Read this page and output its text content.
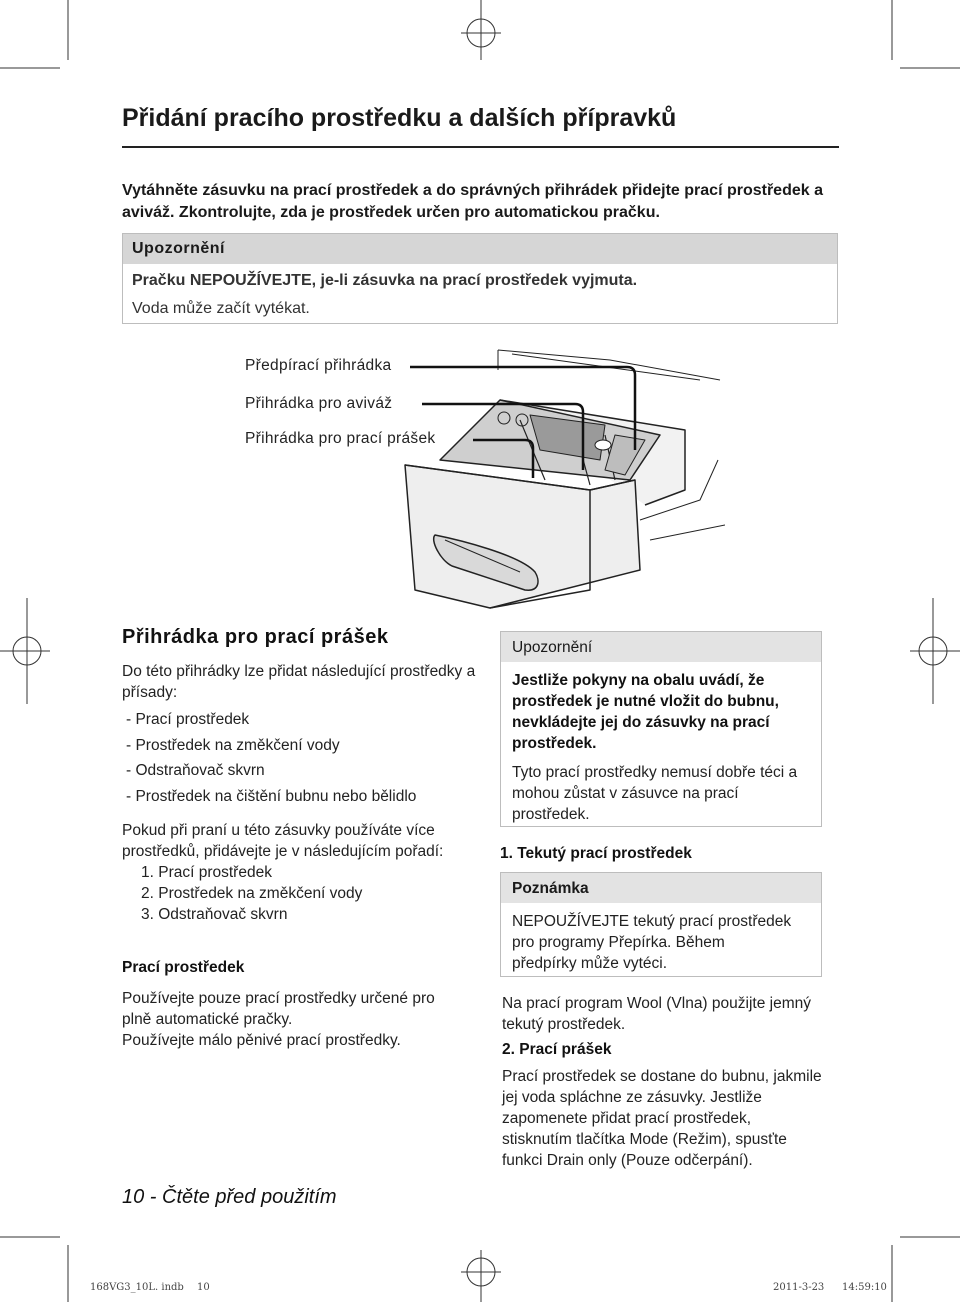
Přidání pracího prostředku a dalších přípravků
Vytáhněte zásuvku na prací prostředek a do správných přihrádek přidejte prací prostředek a aviváž. Zkontrolujte, zda je prostředek určen pro automatickou pračku.
Upozornění
Pračku NEPOUŽÍVEJTE, je-li zásuvka na prací prostředek vyjmuta.
Voda může začít vytékat.
Předpírací přihrádka
Přihrádka pro aviváž
Přihrádka pro prací prášek
Přihrádka pro prací prášek
Do této přihrádky lze přidat následující prostředky a přísady:
- Prací prostředek
- Prostředek na změkčení vody
- Odstraňovač skvrn
- Prostředek na čištění bubnu nebo bělidlo
Pokud při praní u této zásuvky používáte více prostředků, přidávejte je v následujícím pořadí:
1. Prací prostředek
2. Prostředek na změkčení vody
3. Odstraňovač skvrn
Prací prostředek
Používejte pouze prací prostředky určené pro plně automatické pračky.
Používejte málo pěnivé prací prostředky.
Upozornění
Jestliže pokyny na obalu uvádí, že prostředek je nutné vložit do bubnu, nevkládejte jej do zásuvky na prací prostředek.
Tyto prací prostředky nemusí dobře téci a mohou zůstat v zásuvce na prací prostředek.
1. Tekutý prací prostředek
Poznámka
NEPOUŽÍVEJTE tekutý prací prostředek pro programy Přepírka. Během předpírky může vytéci.
Na prací program Wool (Vlna) použijte jemný tekutý prostředek.
2. Prací prášek
Prací prostředek se dostane do bubnu, jakmile jej voda spláchne ze zásuvky. Jestliže zapomenete přidat prací prostředek, stisknutím tlačítka Mode (Režim), spusťte funkci Drain only (Pouze odčerpání).
10 - Čtěte před použitím
168VG3_10L. indb 10	2011-3-23 14:59:10
